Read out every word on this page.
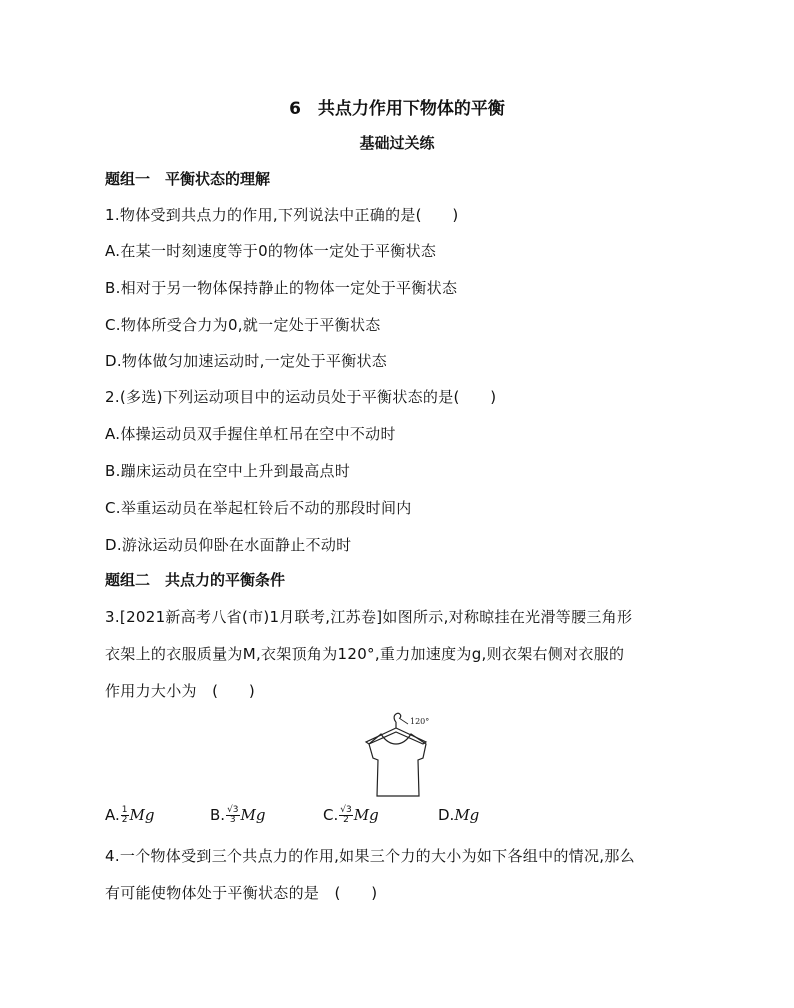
6　共点力作用下物体的平衡
基础过关练
题组一　平衡状态的理解
1.物体受到共点力的作用,下列说法中正确的是(　　)
A.在某一时刻速度等于0的物体一定处于平衡状态
B.相对于另一物体保持静止的物体一定处于平衡状态
C.物体所受合力为0,就一定处于平衡状态
D.物体做匀加速运动时,一定处于平衡状态
2.(多选)下列运动项目中的运动员处于平衡状态的是(　　)
A.体操运动员双手握住单杠吊在空中不动时
B.蹦床运动员在空中上升到最高点时
C.举重运动员在举起杠铃后不动的那段时间内
D.游泳运动员仰卧在水面静止不动时
题组二　共点力的平衡条件
3.[2021新高考八省(市)1月联考,江苏卷]如图所示,对称晾挂在光滑等腰三角形
衣架上的衣服质量为M,衣架顶角为120°,重力加速度为g,则衣架右侧对衣服的
作用力大小为　(　　)
120°
A. $\frac{1}{2}$ Mg	B. $\frac{√3}{3}$ Mg	C. $\frac{√3}{2}$ Mg	D.Mg
4.一个物体受到三个共点力的作用,如果三个力的大小为如下各组中的情况,那么
有可能使物体处于平衡状态的是　(　　)
